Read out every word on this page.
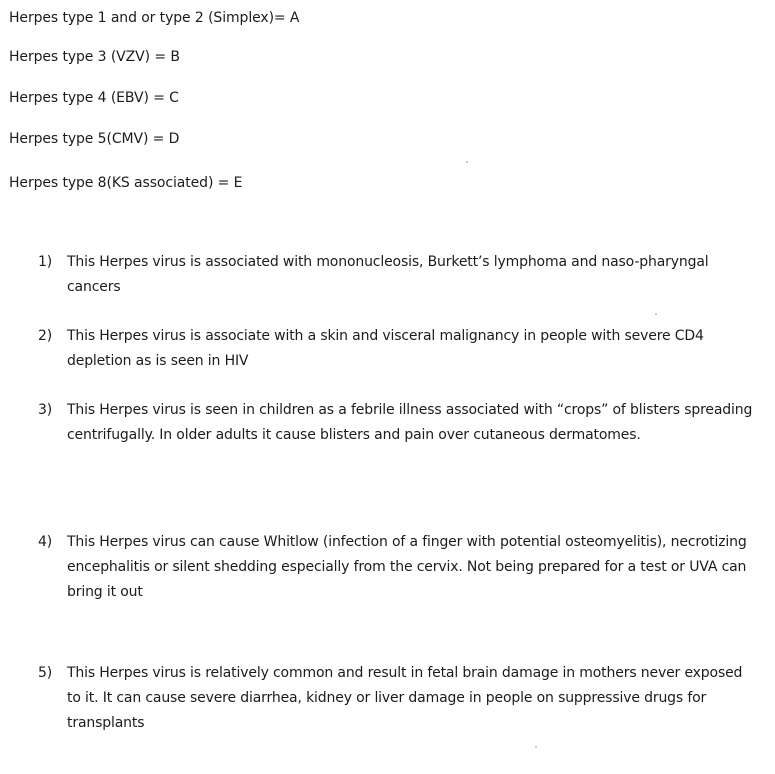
Herpes type 1 and or type 2 (Simplex)= A
Herpes type 3 (VZV) = B
Herpes type 4 (EBV) = C
Herpes type 5(CMV) = D
Herpes type 8(KS associated) = E
1)	This Herpes virus is associated with mononucleosis, Burkett’s lymphoma and naso-pharyngal cancers
2)	This Herpes virus is associate with a skin and visceral malignancy in people with severe CD4 depletion as is seen in HIV
3)	This Herpes virus is seen in children as a febrile illness associated with “crops” of blisters spreading centrifugally. In older adults it cause blisters and pain over cutaneous dermatomes.
4)	This Herpes virus can cause Whitlow (infection of a finger with potential osteomyelitis), necrotizing encephalitis or silent shedding especially from the cervix. Not being prepared for a test or UVA can bring it out
5)	This Herpes virus is relatively common and result in fetal brain damage in mothers never exposed to it. It can cause severe diarrhea, kidney or liver damage in people on suppressive drugs for transplants
